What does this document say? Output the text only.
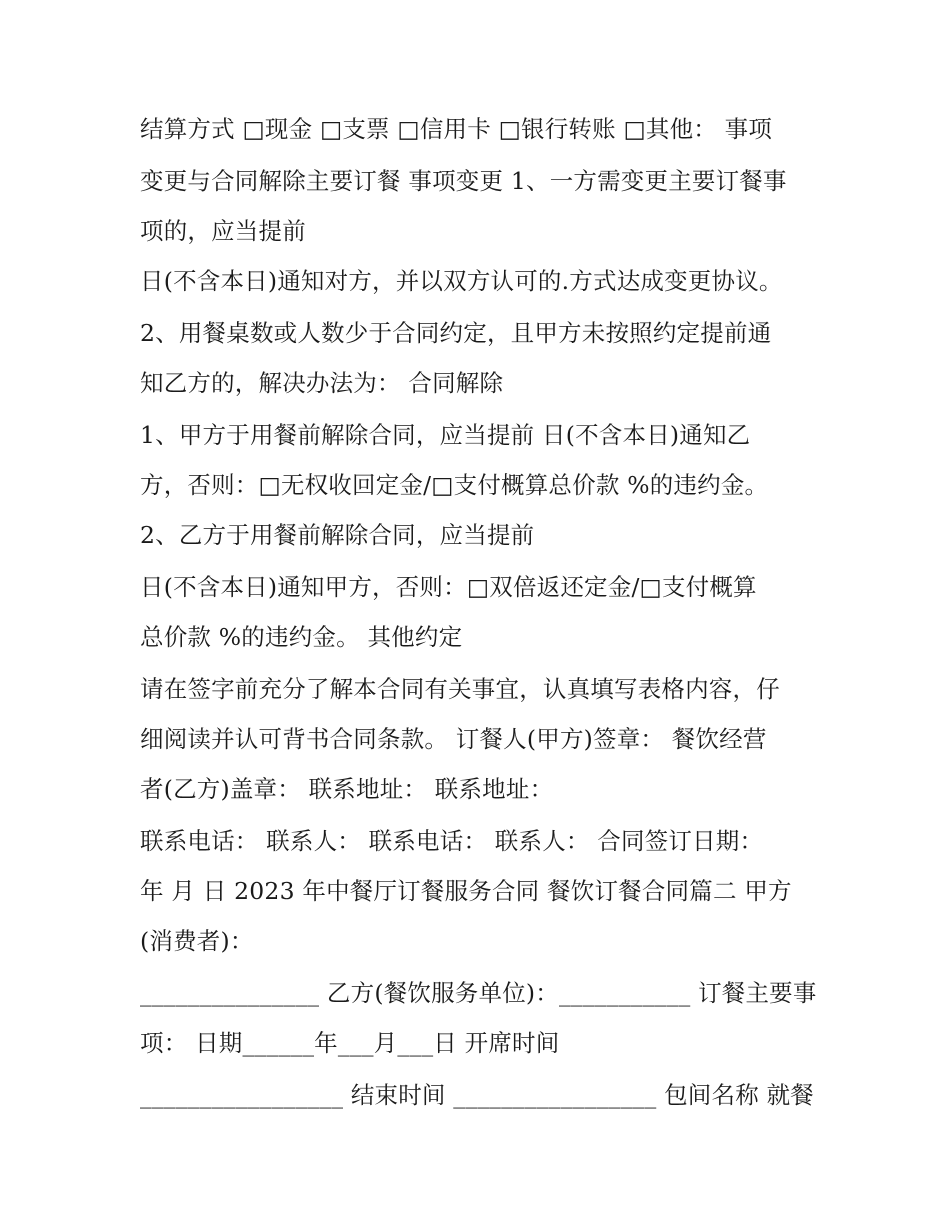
结算方式 □现金 □支票 □信用卡 □银行转账 □其他： 事项
变更与合同解除主要订餐 事项变更 1、一方需变更主要订餐事
项的，应当提前
日(不含本日)通知对方，并以双方认可的.方式达成变更协议。
2、用餐桌数或人数少于合同约定，且甲方未按照约定提前通
知乙方的，解决办法为： 合同解除
1、甲方于用餐前解除合同，应当提前 日(不含本日)通知乙
方，否则：□无权收回定金/□支付概算总价款 %的违约金。
2、乙方于用餐前解除合同，应当提前
日(不含本日)通知甲方，否则：□双倍返还定金/□支付概算
总价款 %的违约金。 其他约定
请在签字前充分了解本合同有关事宜，认真填写表格内容，仔
细阅读并认可背书合同条款。 订餐人(甲方)签章： 餐饮经营
者(乙方)盖章： 联系地址： 联系地址：
联系电话： 联系人： 联系电话： 联系人： 合同签订日期：
年 月 日 2023 年中餐厅订餐服务合同 餐饮订餐合同篇二 甲方
(消费者)：
_______________ 乙方(餐饮服务单位)：___________ 订餐主要事
项： 日期______年___月___日 开席时间
_________________ 结束时间 _________________ 包间名称 就餐
